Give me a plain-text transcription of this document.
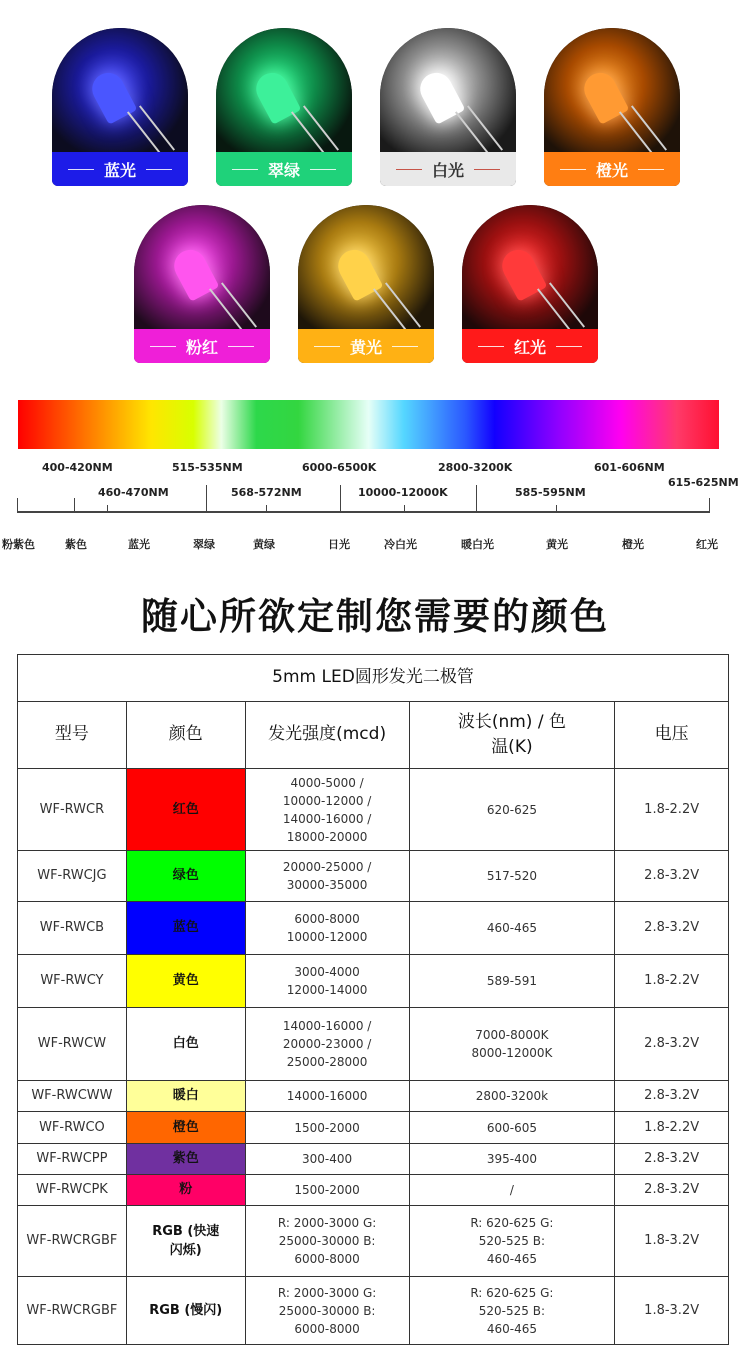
蓝光	翠绿	白光	橙光
粉红	黄光	红光
400-420NM	515-535NM	6000-6500K	2800-3200K	601-606NM
460-470NM	568-572NM	10000-12000K	585-595NM
615-625NM
粉紫色	紫色	蓝光	翠绿	黄绿	日光	冷白光	暖白光	黄光	橙光	红光
随心所欲定制您需要的颜色
5mm LED圆形发光二极管				
型号	颜色	发光强度(mcd)	波长(nm) / 色温(K)	电压
WF-RWCR	红色	4000-5000 / 10000-12000 / 14000-16000 / 18000-20000	620-625	1.8-2.2V
WF-RWCJG	绿色	20000-25000 / 30000-35000	517-520	2.8-3.2V
WF-RWCB	蓝色	6000-8000 10000-12000	460-465	2.8-3.2V
WF-RWCY	黄色	3000-4000 12000-14000	589-591	1.8-2.2V
WF-RWCW	白色	14000-16000 / 20000-23000 / 25000-28000	7000-8000K 8000-12000K	2.8-3.2V
WF-RWCWW	暖白	14000-16000	2800-3200k	2.8-3.2V
WF-RWCO	橙色	1500-2000	600-605	1.8-2.2V
WF-RWCPP	紫色	300-400	395-400	2.8-3.2V
WF-RWCPK	粉	1500-2000	/	2.8-3.2V
WF-RWCRGBF	RGB (快速闪烁)	R: 2000-3000 G: 25000-30000 B: 6000-8000	R: 620-625 G: 520-525 B: 460-465	1.8-3.2V
WF-RWCRGBF	RGB (慢闪)	R: 2000-3000 G: 25000-30000 B: 6000-8000	R: 620-625 G: 520-525 B: 460-465	1.8-3.2V
